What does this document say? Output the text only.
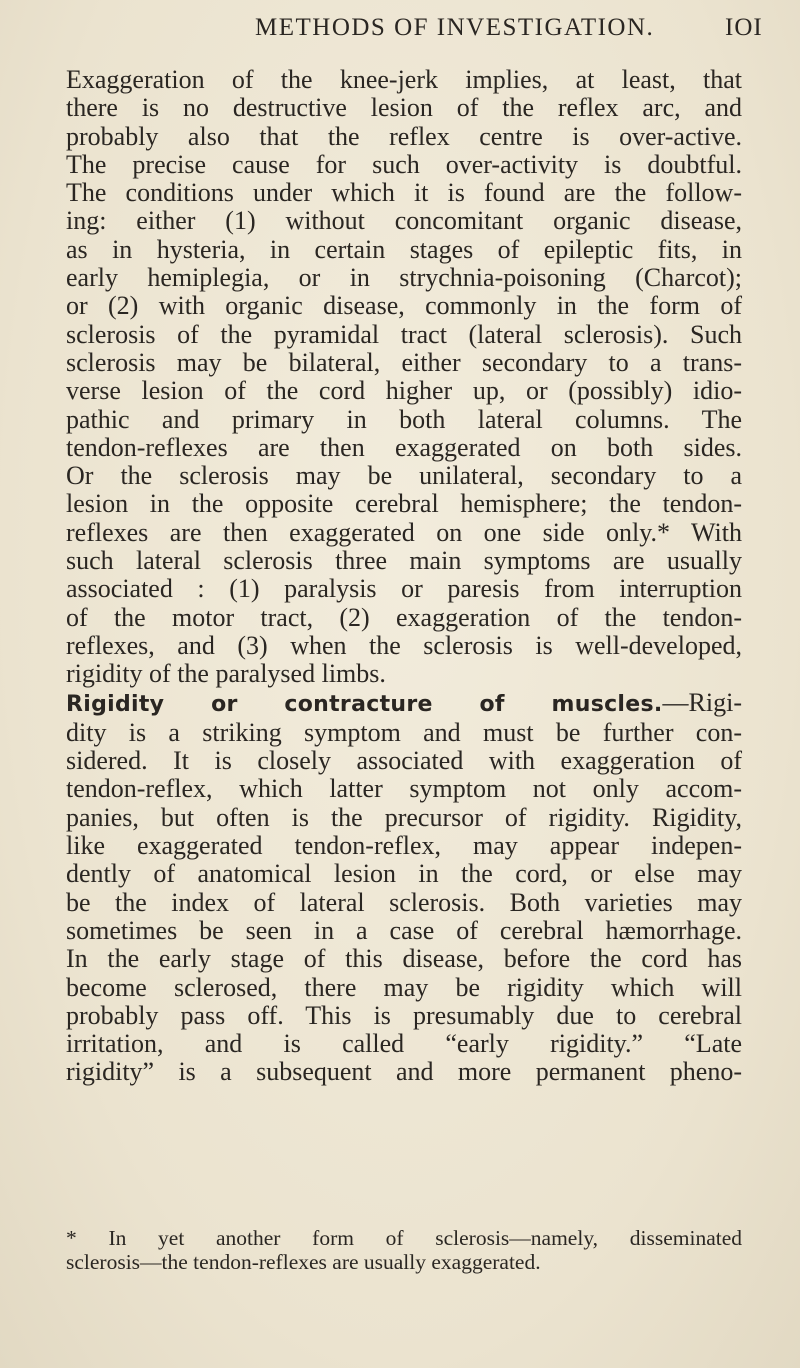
METHODS OF INVESTIGATION.	IOI
Exaggeration of the knee-jerk implies, at least, that
there is no destructive lesion of the reflex arc, and
probably also that the reflex centre is over-active.
The precise cause for such over-activity is doubtful.
The conditions under which it is found are the follow-
ing: either (1) without concomitant organic disease,
as in hysteria, in certain stages of epileptic fits, in
early hemiplegia, or in strychnia-poisoning (Charcot);
or (2) with organic disease, commonly in the form of
sclerosis of the pyramidal tract (lateral sclerosis). Such
sclerosis may be bilateral, either secondary to a trans-
verse lesion of the cord higher up, or (possibly) idio-
pathic and primary in both lateral columns. The
tendon-reflexes are then exaggerated on both sides.
Or the sclerosis may be unilateral, secondary to a
lesion in the opposite cerebral hemisphere; the tendon-
reflexes are then exaggerated on one side only.* With
such lateral sclerosis three main symptoms are usually
associated : (1) paralysis or paresis from interruption
of the motor tract, (2) exaggeration of the tendon-
reflexes, and (3) when the sclerosis is well-developed,
rigidity of the paralysed limbs.
Rigidity or contracture of muscles.—Rigi-
dity is a striking symptom and must be further con-
sidered. It is closely associated with exaggeration of
tendon-reflex, which latter symptom not only accom-
panies, but often is the precursor of rigidity. Rigidity,
like exaggerated tendon-reflex, may appear indepen-
dently of anatomical lesion in the cord, or else may
be the index of lateral sclerosis. Both varieties may
sometimes be seen in a case of cerebral hæmorrhage.
In the early stage of this disease, before the cord has
become sclerosed, there may be rigidity which will
probably pass off. This is presumably due to cerebral
irritation, and is called “early rigidity.” “Late
rigidity” is a subsequent and more permanent pheno-
* In yet another form of sclerosis—namely, disseminated
sclerosis—the tendon-reflexes are usually exaggerated.
